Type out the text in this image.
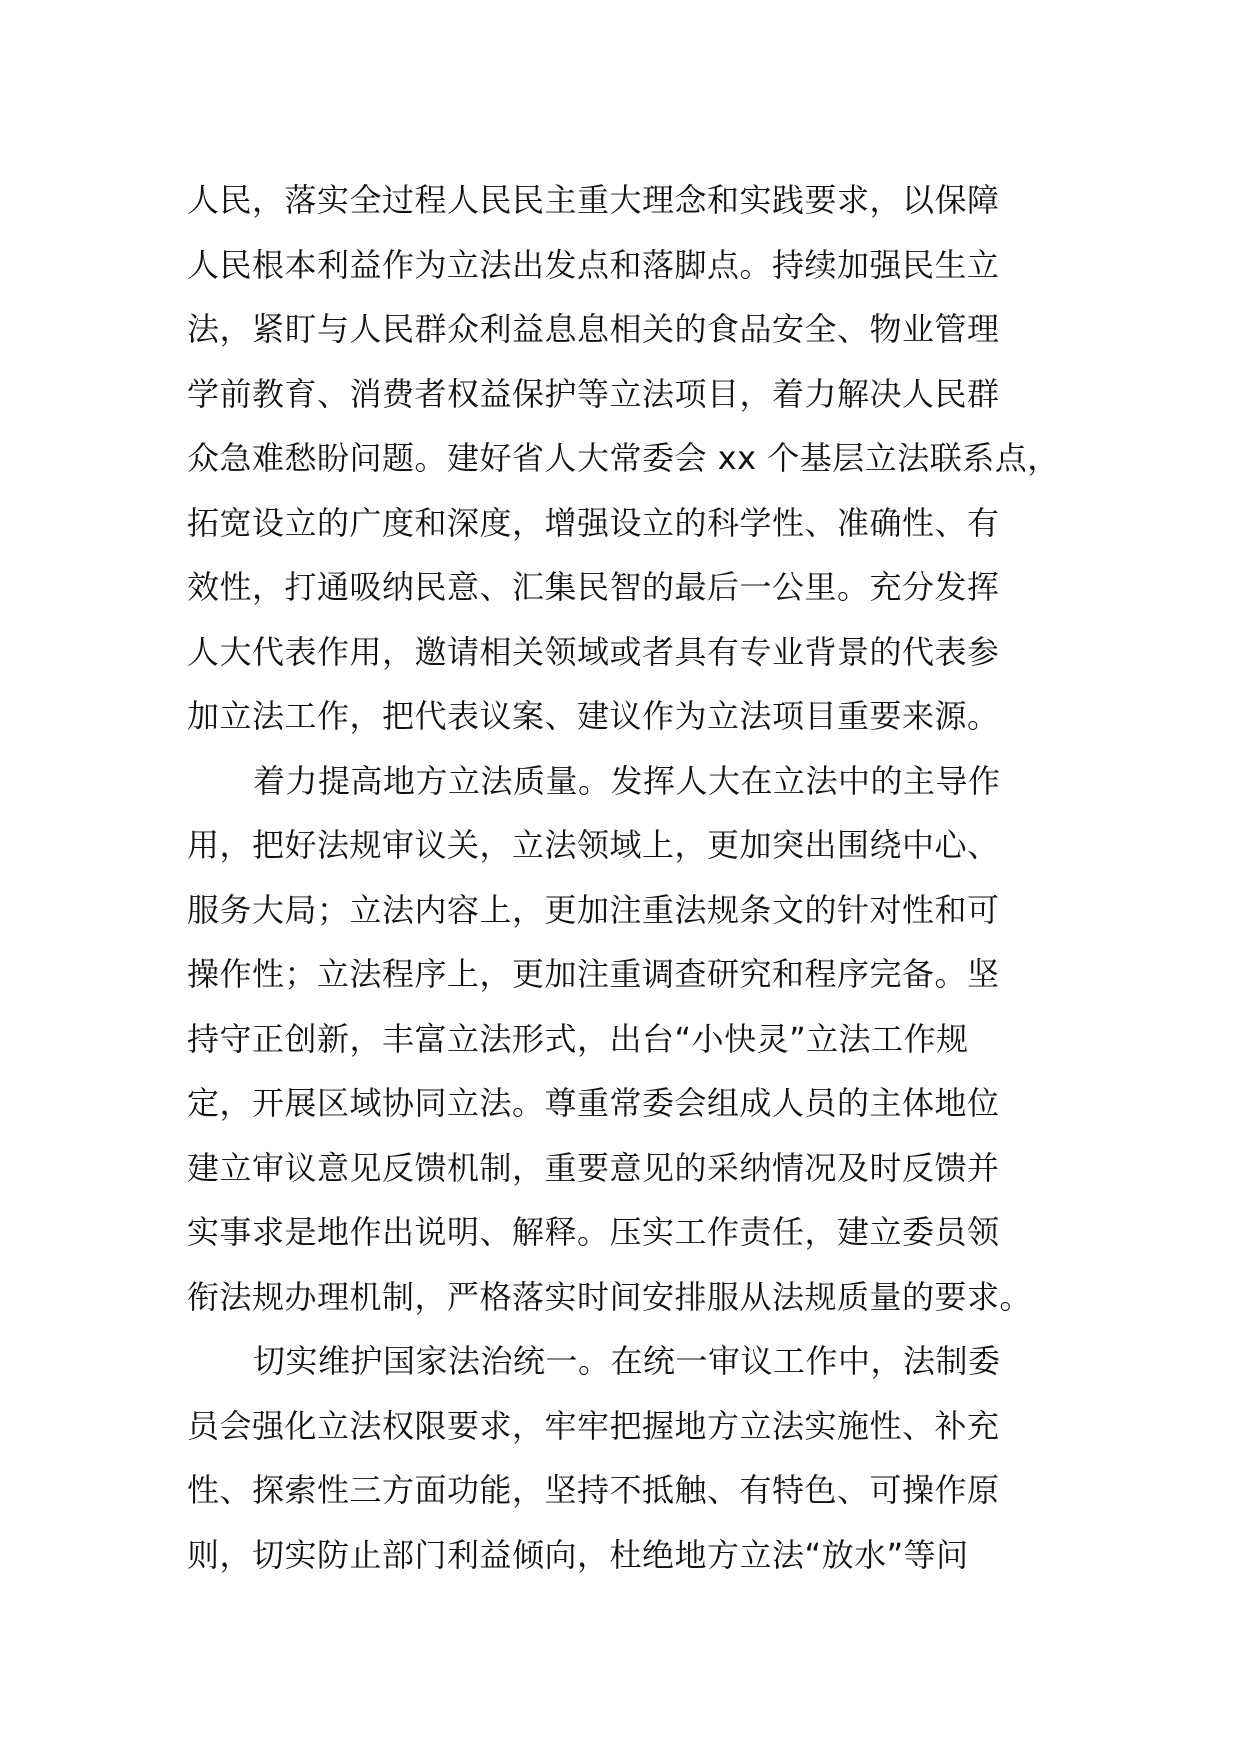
人民，落实全过程人民民主重大理念和实践要求，以保障
人民根本利益作为立法出发点和落脚点。持续加强民生立
法，紧盯与人民群众利益息息相关的食品安全、物业管理
学前教育、消费者权益保护等立法项目，着力解决人民群
众急难愁盼问题。建好省人大常委会 xx 个基层立法联系点，
拓宽设立的广度和深度，增强设立的科学性、准确性、有
效性，打通吸纳民意、汇集民智的最后一公里。充分发挥
人大代表作用，邀请相关领域或者具有专业背景的代表参
加立法工作，把代表议案、建议作为立法项目重要来源。
着力提高地方立法质量。发挥人大在立法中的主导作
用，把好法规审议关，立法领域上，更加突出围绕中心、
服务大局；立法内容上，更加注重法规条文的针对性和可
操作性；立法程序上，更加注重调查研究和程序完备。坚
持守正创新，丰富立法形式，出台“小快灵”立法工作规
定，开展区域协同立法。尊重常委会组成人员的主体地位
建立审议意见反馈机制，重要意见的采纳情况及时反馈并
实事求是地作出说明、解释。压实工作责任，建立委员领
衔法规办理机制，严格落实时间安排服从法规质量的要求。
切实维护国家法治统一。在统一审议工作中，法制委
员会强化立法权限要求，牢牢把握地方立法实施性、补充
性、探索性三方面功能，坚持不抵触、有特色、可操作原
则，切实防止部门利益倾向，杜绝地方立法“放水”等问
